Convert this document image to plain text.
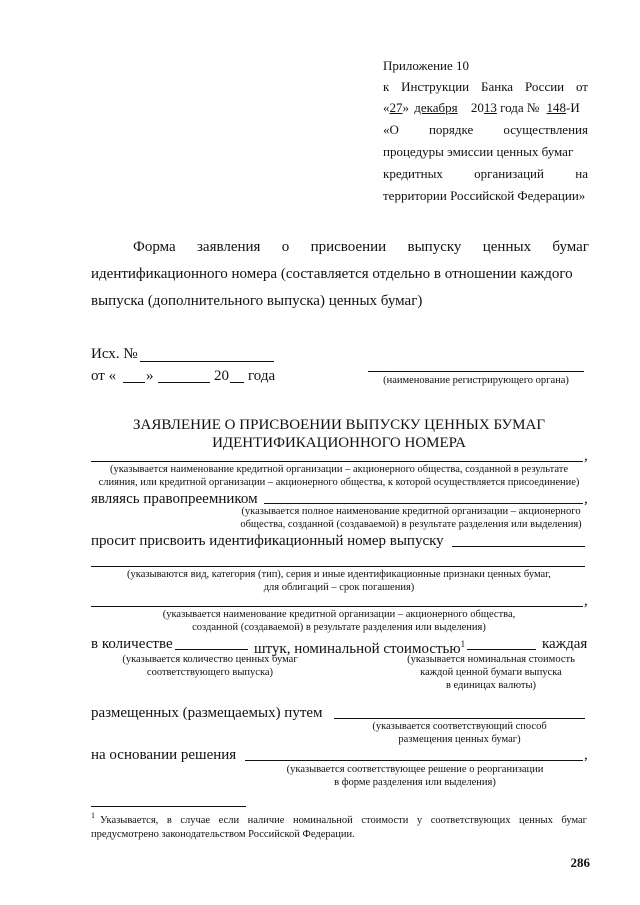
Приложение 10
к Инструкции Банка России от
«27» декабря 2013 года № 148-И
«О порядке осуществления
процедуры эмиссии ценных бумаг
кредитных организаций на
территории Российской Федерации»
Форма заявления о присвоении выпуску ценных бумаг
идентификационного номера (составляется отдельно в отношении каждого
выпуска (дополнительного выпуска) ценных бумаг)
Исх. №
от « »	20 года	(наименование регистрирующего органа)
ЗАЯВЛЕНИЕ О ПРИСВОЕНИИ ВЫПУСКУ ЦЕННЫХ БУМАГ
ИДЕНТИФИКАЦИОННОГО НОМЕРА
,
(указывается наименование кредитной организации – акционерного общества, созданной в результате
слияния, или кредитной организации – акционерного общества, к которой осуществляется присоединение)
являясь правопреемником	,
(указывается полное наименование кредитной организации – акционерного
общества, созданной (создаваемой) в результате разделения или выделения)
просит присвоить идентификационный номер выпуску
(указываются вид, категория (тип), серия и иные идентификационные признаки ценных бумаг,
для облигаций – срок погашения)
,
(указывается наименование кредитной организации – акционерного общества,
созданной (создаваемой) в результате разделения или выделения)
в количестве	штук, номинальной стоимостью$^1$	каждая
(указывается количество ценных бумаг
соответствующего выпуска)
(указывается номинальная стоимость
каждой ценной бумаги выпуска
в единицах валюты)
размещенных (размещаемых) путем
(указывается соответствующий способ
размещения ценных бумаг)
на основании решения	,
(указывается соответствующее решение о реорганизации
в форме разделения или выделения)
1 Указывается, в случае если наличие номинальной стоимости у соответствующих ценных бумаг
предусмотрено законодательством Российской Федерации.
286
